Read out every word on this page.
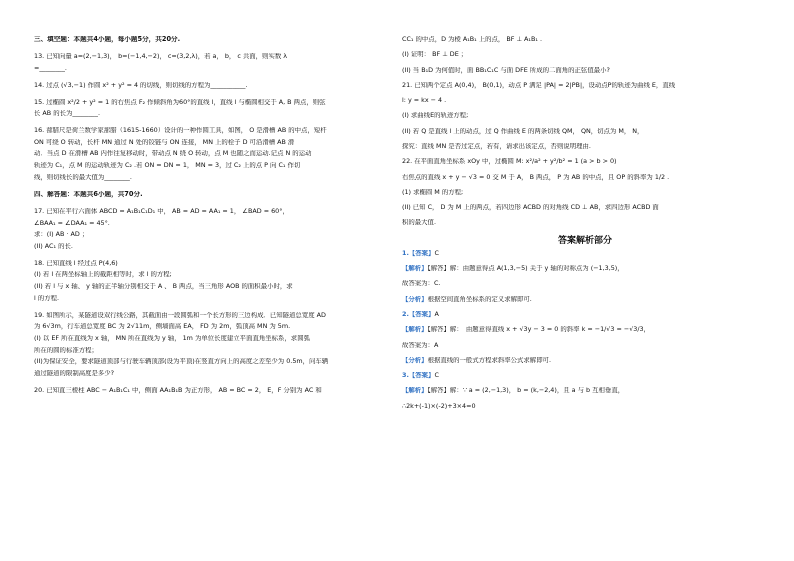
三、填空题：本题共4小题，每小题5分，共20分.
13. 已知向量 a=(2,−1,3)， b=(−1,4,−2)， c=(3,2,λ)，若 a， b， c 共面，则实数 λ
=________.
14. 过点 (√3,−1) 作圆 x² + y² = 4 的切线，则切线的方程为___________.
15. 过椭圆 x²/2 + y² = 1 的右焦点 F₂ 作倾斜角为60°的直线 l，直线 l 与椭圆相交于 A, B 两点，则弦
长 AB 的长为________.
16. 蔀腊尺是荷兰数学家蔀腊（1615-1660）设计的一种作圆工具，如图， O 是滑槽 AB 的中点，短杆
ON 可绕 O 转动，长杆 MN 通过 N 处的铰链与 ON 连接， MN 上的栓子 D 可沿滑槽 AB 滑
动．当点 D 在滑槽 AB 内作往复移动时，带动点 N 绕 O 转动，点 M 也随之而运动.记点 N 的运动
轨迹为 C₁，点 M 的运动轨迹为 C₂ .若 ON = DN = 1， MN = 3，过 C₂ 上的点 P 向 C₁ 作切
线，则切线长的最大值为________.
四、解答题：本题共6小题，共70分.
17. 已知在平行六面体 ABCD = A₁B₁C₁D₁ 中， AB = AD = AA₁ = 1， ∠BAD = 60°，
∠BAA₁ = ∠DAA₁ = 45°.
求：(I) AB · AD ；
(II) AC₁ 的长.
18. 已知直线 l 经过点 P(4,6)
(I) 若 l 在两坐标轴上的截距相等时，求 l 的方程;
(II) 若 l 与 x 轴、 y 轴的正半轴分别相交于 A 、 B 两点，当三角形 AOB 的面积最小时，求
l 的方程.
19. 如图所示，某隧道设双行线公路，其截面由一段圆弧和一个长方形的三边构成．已知隧道总宽度 AD
为 6√3m，行车道总宽度 BC 为 2√11m，侧墙面高 EA， FD 为 2m，弧顶高 MN 为 5m.
(I) 以 EF 所在直线为 x 轴， MN 所在直线为 y 轴， 1m 为单位长度建立平面直角坐标系，求圆弧
所在的圆的标准方程；
(II)为保证安全，要求隧道顶部与行驶车辆顶部(设为平顶)在竖直方向上的高度之差至少为 0.5m，问车辆
通过隧道的限制高度是多少?
20. 已知直三棱柱 ABC − A₁B₁C₁ 中，侧面 AA₁B₁B 为正方形， AB = BC = 2， E，F 分别为 AC 和
CC₁ 的中点，D 为棱 A₁B₁ 上的点， BF ⊥ A₁B₁ .
(I) 证明： BF ⊥ DE ；
(II) 当 B₁D 为何值时，面 BB₁C₁C 与面 DFE 所成的二面角的正弦值最小?
21. 已知两个定点 A(0,4)， B(0,1)，动点 P 满足 |PA| = 2|PB|，设动点P的轨迹为曲线 E，直线
l: y = kx − 4 .
(I) 求曲线E的轨迹方程;
(II) 若 Q 是直线 l 上的动点，过 Q 作曲线 E 的两条切线 QM， QN，切点为 M， N，
探究：直线 MN 是否过定点，若有，请求出该定点，否则说明理由.
22. 在平面直角坐标系 xOy 中，过椭圆 M: x²/a² + y²/b² = 1 (a > b > 0)
右焦点的直线 x + y − √3 = 0 交 M 于 A， B 两点， P 为 AB 的中点，且 OP 的斜率为 1/2 .
(1) 求椭圆 M 的方程;
(II) 已知 C， D 为 M 上的两点，若四边形 ACBD 的对角线 CD ⊥ AB，求四边形 ACBD 面
积的最大值.
答案解析部分
1.【答案】C
【解析】【解答】解：由题意得点 A(1,3,−5) 关于 y 轴的对称点为 (−1,3,5)，
故答案为：C.
【分析】根据空间直角坐标系的定义求解即可.
2.【答案】A
【解析】【解答】解：　由题意得直线 x + √3y − 3 = 0 的斜率 k = −1/√3 = −√3/3，
故答案为：A
【分析】根据直线的一般式方程求斜率公式求解即可.
3.【答案】C
【解析】【解答】解：∵ a = (2,−1,3)， b = (k,−2,4)，且 a 与 b 互相垂直，
∴2k+(-1)×(-2)+3×4=0
